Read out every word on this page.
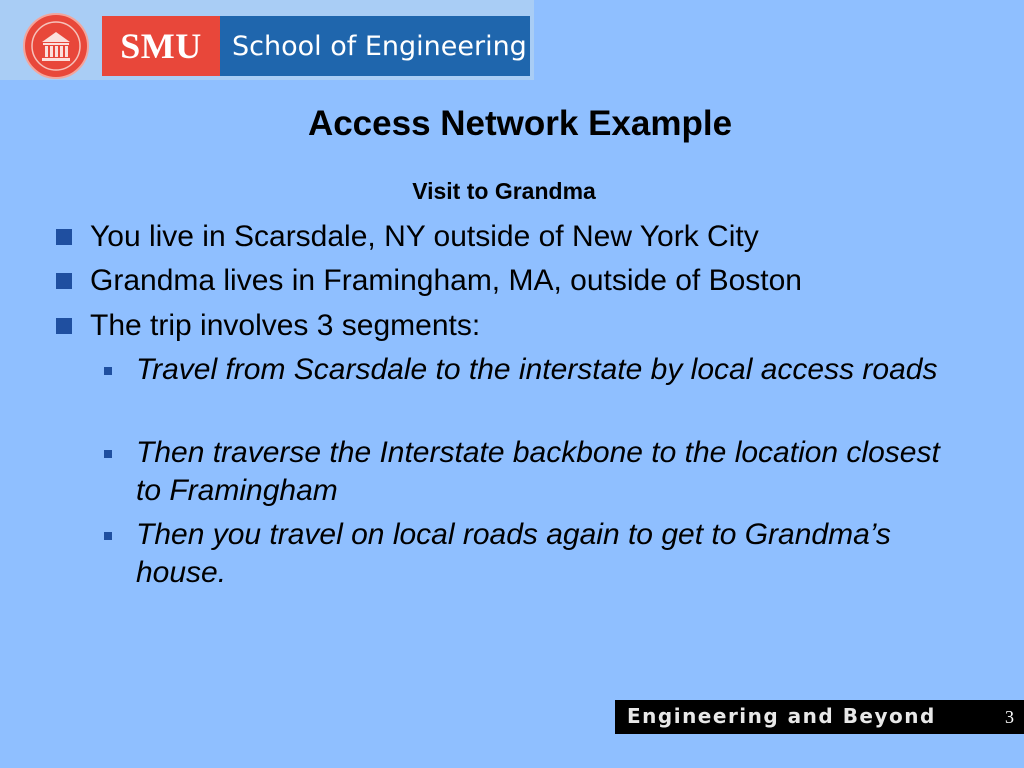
SMU	School of Engineering
Access Network Example
Visit to Grandma
You live in Scarsdale, NY outside of New York City
Grandma lives in Framingham, MA, outside of Boston
The trip involves 3 segments:
Travel from Scarsdale to the interstate by local access roads
Then traverse the Interstate backbone to the location closest to Framingham
Then you travel on local roads again to get to Grandma’s house.
Engineering and Beyond	3
